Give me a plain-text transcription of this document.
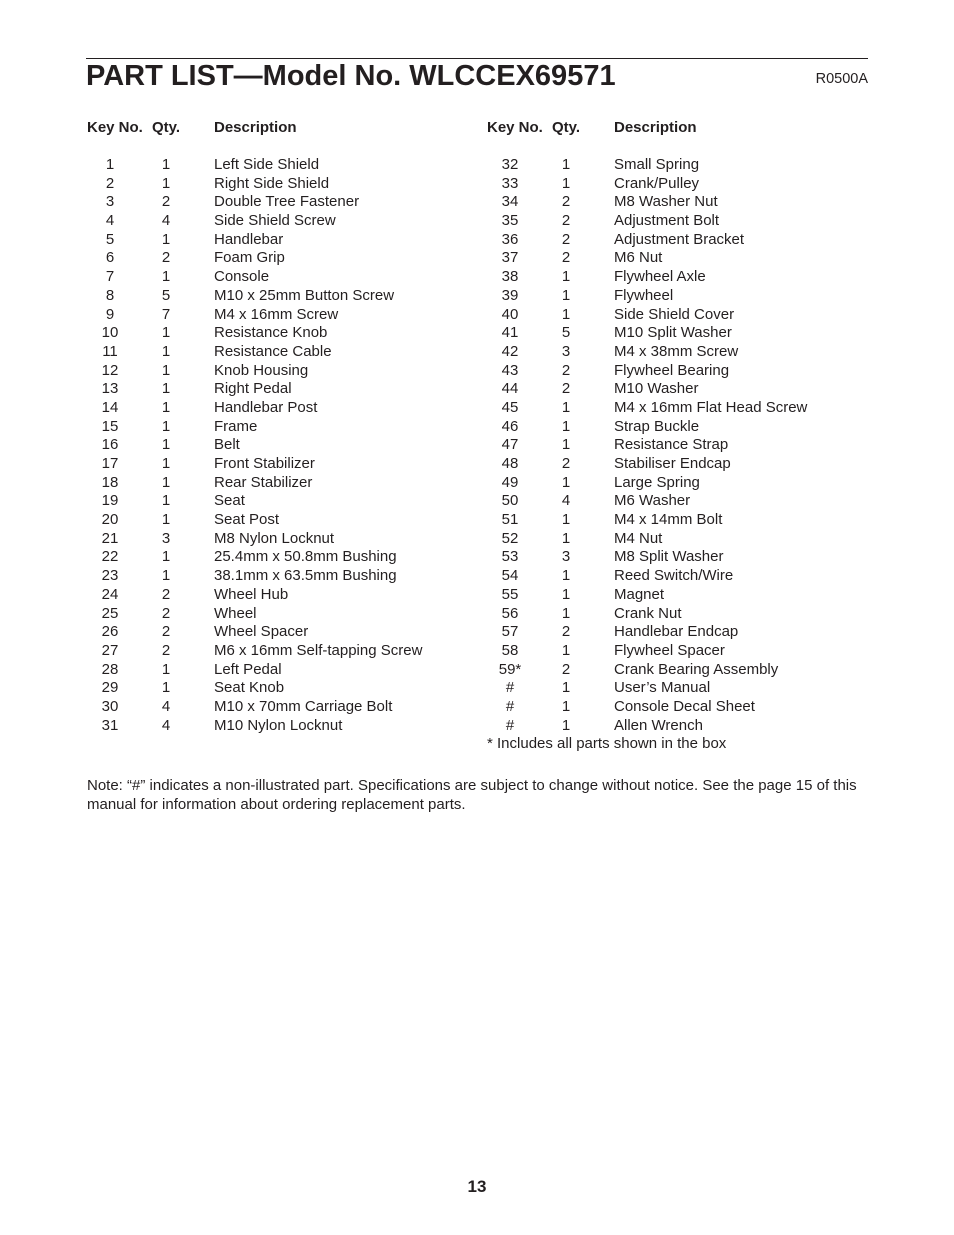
PART LIST—Model No. WLCCEX69571	R0500A
Key No. Qty. Description
1	1	Left Side Shield
2	1	Right Side Shield
3	2	Double Tree Fastener
4	4	Side Shield Screw
5	1	Handlebar
6	2	Foam Grip
7	1	Console
8	5	M10 x 25mm Button Screw
9	7	M4 x 16mm Screw
10	1	Resistance Knob
11	1	Resistance Cable
12	1	Knob Housing
13	1	Right Pedal
14	1	Handlebar Post
15	1	Frame
16	1	Belt
17	1	Front Stabilizer
18	1	Rear Stabilizer
19	1	Seat
20	1	Seat Post
21	3	M8 Nylon Locknut
22	1	25.4mm x 50.8mm Bushing
23	1	38.1mm x 63.5mm Bushing
24	2	Wheel Hub
25	2	Wheel
26	2	Wheel Spacer
27	2	M6 x 16mm Self-tapping Screw
28	1	Left Pedal
29	1	Seat Knob
30	4	M10 x 70mm Carriage Bolt
31	4	M10 Nylon Locknut
Key No. Qty. Description
32	1	Small Spring
33	1	Crank/Pulley
34	2	M8 Washer Nut
35	2	Adjustment Bolt
36	2	Adjustment Bracket
37	2	M6 Nut
38	1	Flywheel Axle
39	1	Flywheel
40	1	Side Shield Cover
41	5	M10 Split Washer
42	3	M4 x 38mm Screw
43	2	Flywheel Bearing
44	2	M10 Washer
45	1	M4 x 16mm Flat Head Screw
46	1	Strap Buckle
47	1	Resistance Strap
48	2	Stabiliser Endcap
49	1	Large Spring
50	4	M6 Washer
51	1	M4 x 14mm Bolt
52	1	M4 Nut
53	3	M8 Split Washer
54	1	Reed Switch/Wire
55	1	Magnet
56	1	Crank Nut
57	2	Handlebar Endcap
58	1	Flywheel Spacer
59*	2	Crank Bearing Assembly
#	1	User’s Manual
#	1	Console Decal Sheet
#	1	Allen Wrench
* Includes all parts shown in the box

Note: “#” indicates a non-illustrated part. Specifications are subject to change without notice. See the page 15 of this manual for information about ordering replacement parts.

13
